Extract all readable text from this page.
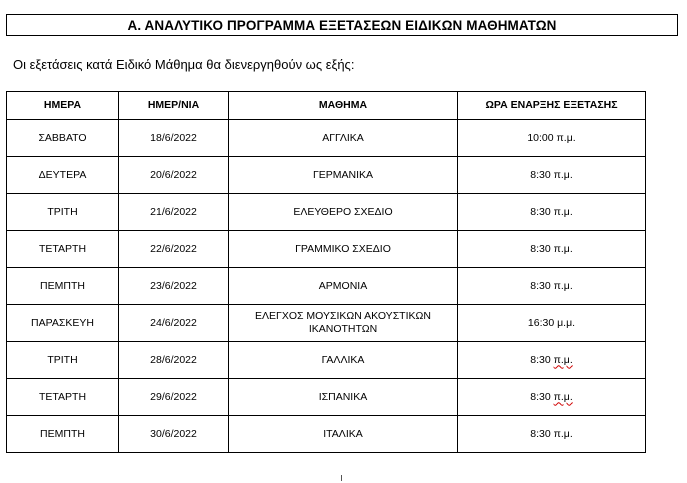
Α. ΑΝΑΛΥΤΙΚΟ ΠΡΟΓΡΑΜΜΑ ΕΞΕΤΑΣΕΩΝ ΕΙΔΙΚΩΝ ΜΑΘΗΜΑΤΩΝ
Οι εξετάσεις κατά Ειδικό Μάθημα θα διενεργηθούν ως εξής:
ΗΜΕΡΑ	ΗΜΕΡ/ΝΙΑ	ΜΑΘΗΜΑ	ΩΡΑ ΕΝΑΡΞΗΣ ΕΞΕΤΑΣΗΣ
ΣΑΒΒΑΤΟ	18/6/2022	ΑΓΓΛΙΚΑ	10:00 π.μ.
ΔΕΥΤΕΡΑ	20/6/2022	ΓΕΡΜΑΝΙΚΑ	8:30 π.μ.
ΤΡΙΤΗ	21/6/2022	ΕΛΕΥΘΕΡΟ ΣΧΕΔΙΟ	8:30 π.μ.
ΤΕΤΑΡΤΗ	22/6/2022	ΓΡΑΜΜΙΚΟ ΣΧΕΔΙΟ	8:30 π.μ.
ΠΕΜΠΤΗ	23/6/2022	ΑΡΜΟΝΙΑ	8:30 π.μ.
ΠΑΡΑΣΚΕΥΗ	24/6/2022	ΕΛΕΓΧΟΣ ΜΟΥΣΙΚΩΝ ΑΚΟΥΣΤΙΚΩΝ
ΙΚΑΝΟΤΗΤΩΝ	16:30 μ.μ.
ΤΡΙΤΗ	28/6/2022	ΓΑΛΛΙΚΑ	8:30 π.μ.
ΤΕΤΑΡΤΗ	29/6/2022	ΙΣΠΑΝΙΚΑ	8:30 π.μ.
ΠΕΜΠΤΗ	30/6/2022	ΙΤΑΛΙΚΑ	8:30 π.μ.
